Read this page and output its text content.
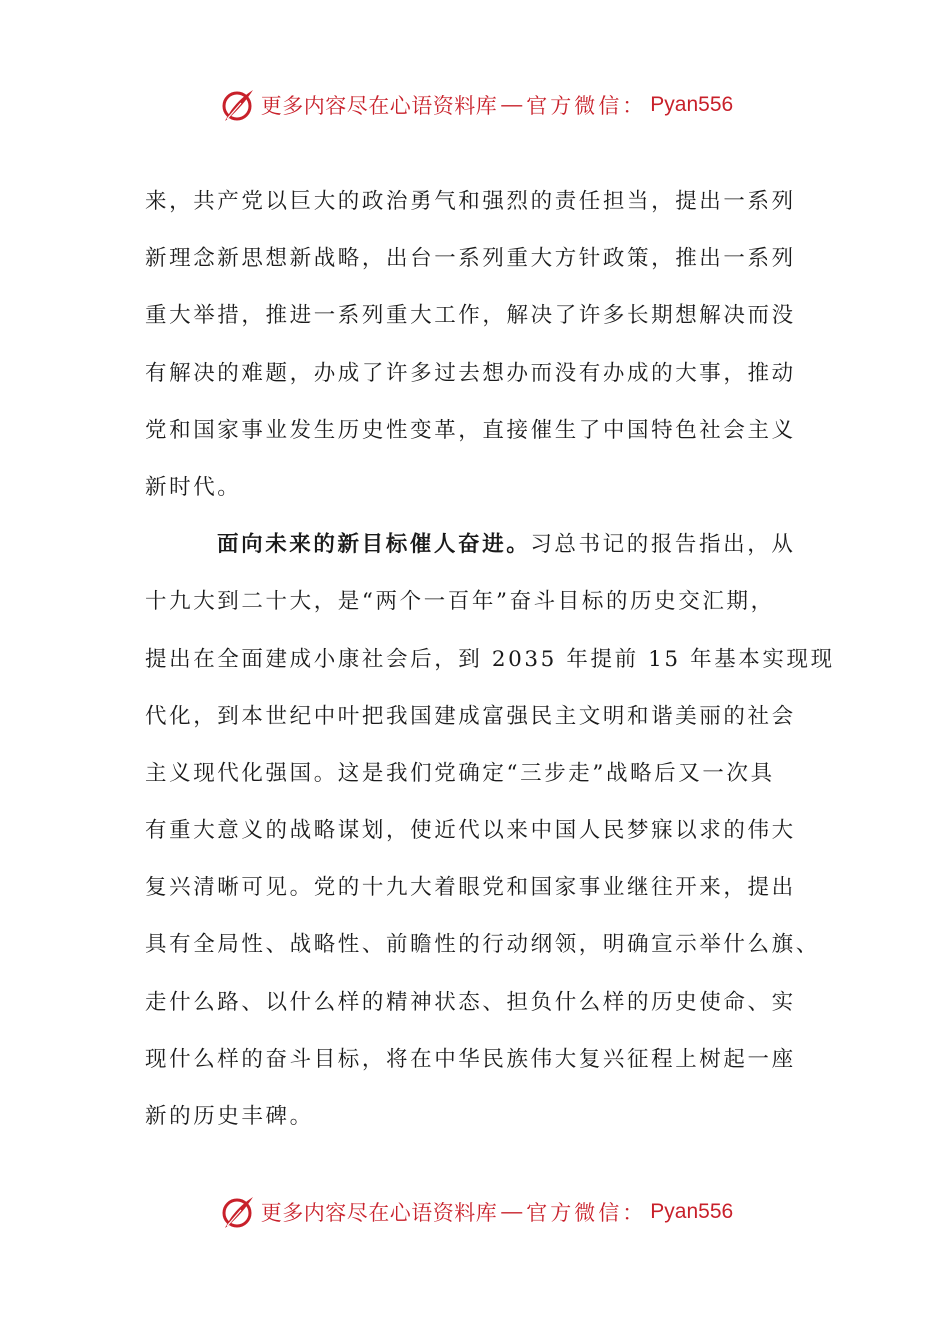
更多内容尽在心语资料库 — 官方微信： Pyan556
来，共产党以巨大的政治勇气和强烈的责任担当，提出一系列
新理念新思想新战略，出台一系列重大方针政策，推出一系列
重大举措，推进一系列重大工作，解决了许多长期想解决而没
有解决的难题，办成了许多过去想办而没有办成的大事，推动
党和国家事业发生历史性变革，直接催生了中国特色社会主义
新时代。
面向未来的新目标催人奋进。习总书记的报告指出，从
十九大到二十大，是“两个一百年”奋斗目标的历史交汇期，
提出在全面建成小康社会后，到 2035 年提前 15 年基本实现现
代化，到本世纪中叶把我国建成富强民主文明和谐美丽的社会
主义现代化强国。这是我们党确定“三步走”战略后又一次具
有重大意义的战略谋划，使近代以来中国人民梦寐以求的伟大
复兴清晰可见。党的十九大着眼党和国家事业继往开来，提出
具有全局性、战略性、前瞻性的行动纲领，明确宣示举什么旗、
走什么路、以什么样的精神状态、担负什么样的历史使命、实
现什么样的奋斗目标，将在中华民族伟大复兴征程上树起一座
新的历史丰碑。
更多内容尽在心语资料库 — 官方微信： Pyan556
